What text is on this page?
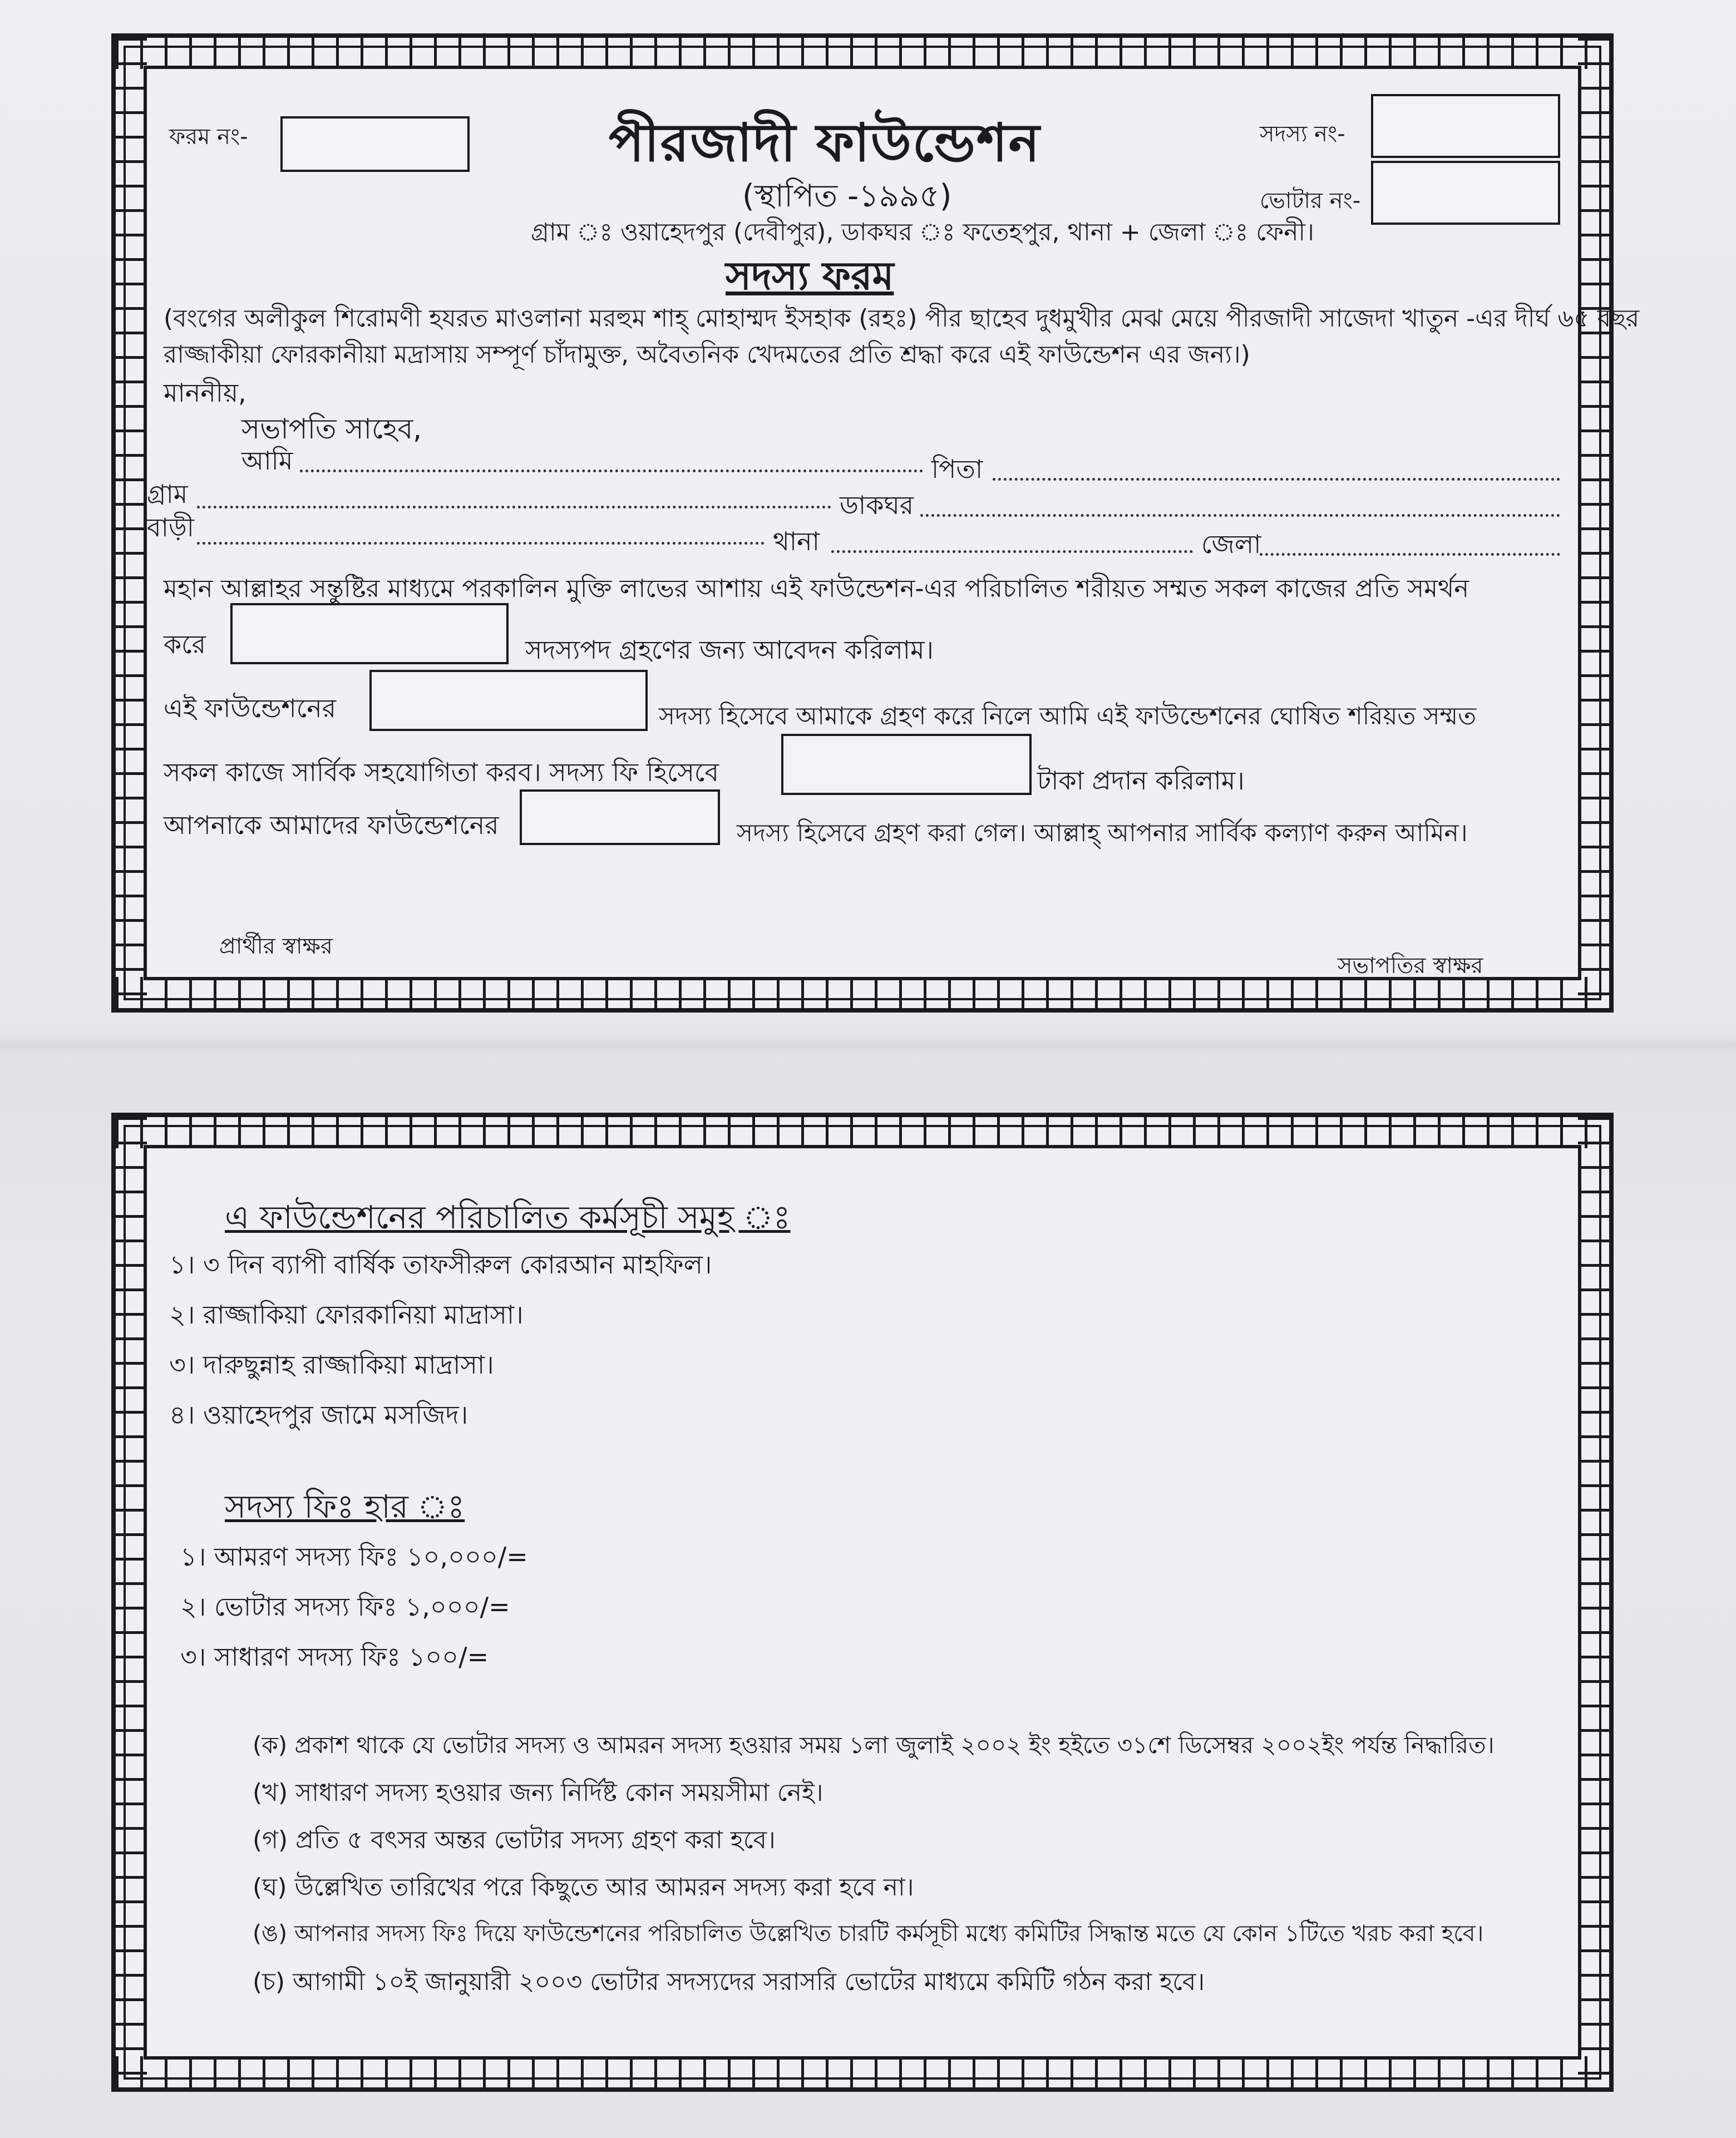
ফরম নং-	পীরজাদী ফাউন্ডেশন
(স্থাপিত -১৯৯৫)
সদস্য নং-
ভোটার নং-
গ্রাম ঃ ওয়াহেদপুর (দেবীপুর), ডাকঘর ঃ ফতেহপুর, থানা + জেলা ঃ ফেনী।
সদস্য ফরম
(বংগের অলীকুল শিরোমণী হযরত মাওলানা মরহুম শাহ্ মোহাম্মদ ইসহাক (রহঃ) পীর ছাহেব দুধমুখীর মেঝ মেয়ে পীরজাদী সাজেদা খাতুন -এর দীর্ঘ ৬৫ বছর
রাজ্জাকীয়া ফোরকানীয়া মদ্রাসায় সম্পূর্ণ চাঁদামুক্ত, অবৈতনিক খেদমতের প্রতি শ্রদ্ধা করে এই ফাউন্ডেশন এর জন্য।)
মাননীয়,
সভাপতি সাহেব,
আমি	পিতা
গ্রাম	ডাকঘর
বাড়ী	থানা	জেলা
মহান আল্লাহর সন্তুষ্টির মাধ্যমে পরকালিন মুক্তি লাভের আশায় এই ফাউন্ডেশন-এর পরিচালিত শরীয়ত সম্মত সকল কাজের প্রতি সমর্থন
করে	সদস্যপদ গ্রহণের জন্য আবেদন করিলাম।
এই ফাউন্ডেশনের	সদস্য হিসেবে আমাকে গ্রহণ করে নিলে আমি এই ফাউন্ডেশনের ঘোষিত শরিয়ত সম্মত
সকল কাজে সার্বিক সহযোগিতা করব। সদস্য ফি হিসেবে	টাকা প্রদান করিলাম।
আপনাকে আমাদের ফাউন্ডেশনের	সদস্য হিসেবে গ্রহণ করা গেল। আল্লাহ্ আপনার সার্বিক কল্যাণ করুন আমিন।
প্রার্থীর স্বাক্ষর
সভাপতির স্বাক্ষর
এ ফাউন্ডেশনের পরিচালিত কর্মসূচী সমুহ ঃ
১। ৩ দিন ব্যাপী বার্ষিক তাফসীরুল কোরআন মাহফিল।
২। রাজ্জাকিয়া ফোরকানিয়া মাদ্রাসা।
৩। দারুছুন্নাহ রাজ্জাকিয়া মাদ্রাসা।
৪। ওয়াহেদপুর জামে মসজিদ।
সদস্য ফিঃ হার ঃ
১। আমরণ সদস্য ফিঃ ১০,০০০/=
২। ভোটার সদস্য ফিঃ ১,০০০/=
৩। সাধারণ সদস্য ফিঃ ১০০/=
(ক) প্রকাশ থাকে যে ভোটার সদস্য ও আমরন সদস্য হওয়ার সময় ১লা জুলাই ২০০২ ইং হইতে ৩১শে ডিসেম্বর ২০০২ইং পর্যন্ত নিদ্ধারিত।
(খ) সাধারণ সদস্য হওয়ার জন্য নির্দিষ্ট কোন সময়সীমা নেই।
(গ) প্রতি ৫ বৎসর অন্তর ভোটার সদস্য গ্রহণ করা হবে।
(ঘ) উল্লেখিত তারিখের পরে কিছুতে আর আমরন সদস্য করা হবে না।
(ঙ) আপনার সদস্য ফিঃ দিয়ে ফাউন্ডেশনের পরিচালিত উল্লেখিত চারটি কর্মসূচী মধ্যে কমিটির সিদ্ধান্ত মতে যে কোন ১টিতে খরচ করা হবে।
(চ) আগামী ১০ই জানুয়ারী ২০০৩ ভোটার সদস্যদের সরাসরি ভোটের মাধ্যমে কমিটি গঠন করা হবে।
